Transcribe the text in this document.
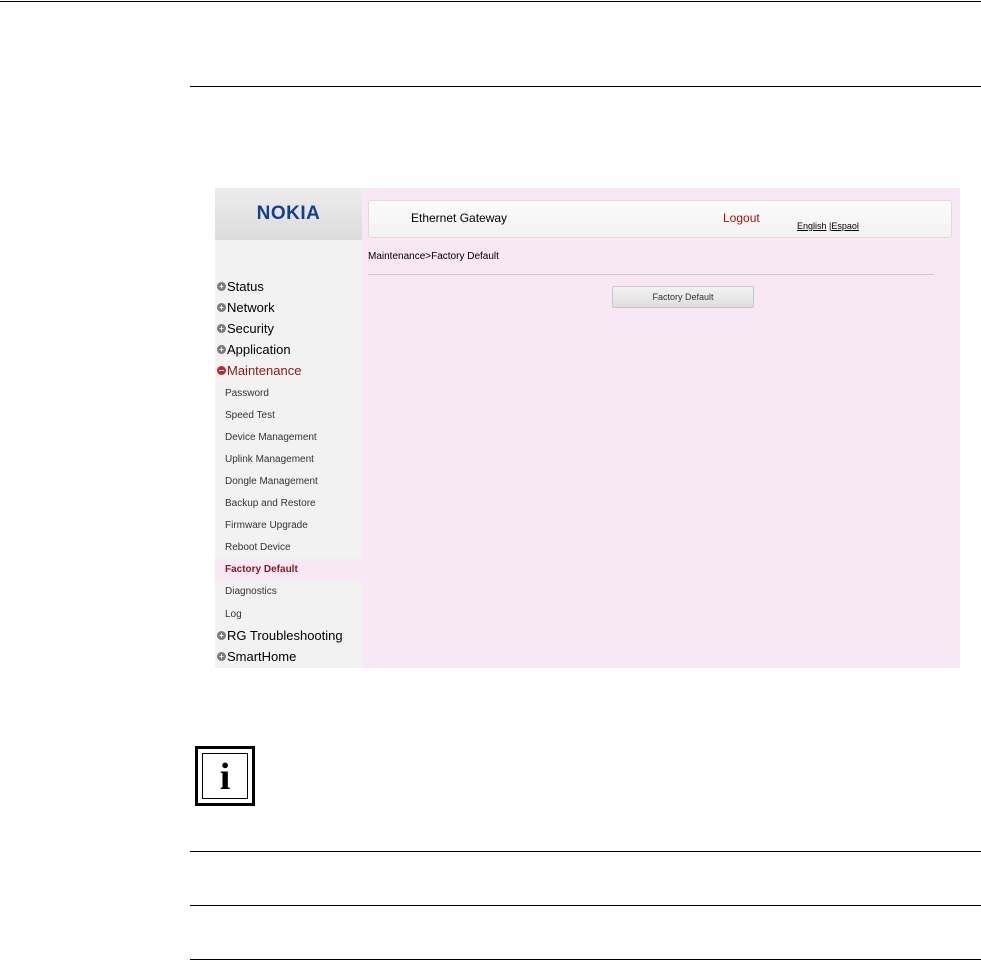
NOKIA
+ Status
+ Network
+ Security
+ Application
Maintenance
Password
Speed Test
Device Management
Uplink Management
Dongle Management
Backup and Restore
Firmware Upgrade
Reboot Device
Factory Default
Diagnostics
Log
+ RG Troubleshooting
+ SmartHome
Ethernet Gateway	Logout
English |Espaol
Maintenance>Factory Default
Factory Default
i
